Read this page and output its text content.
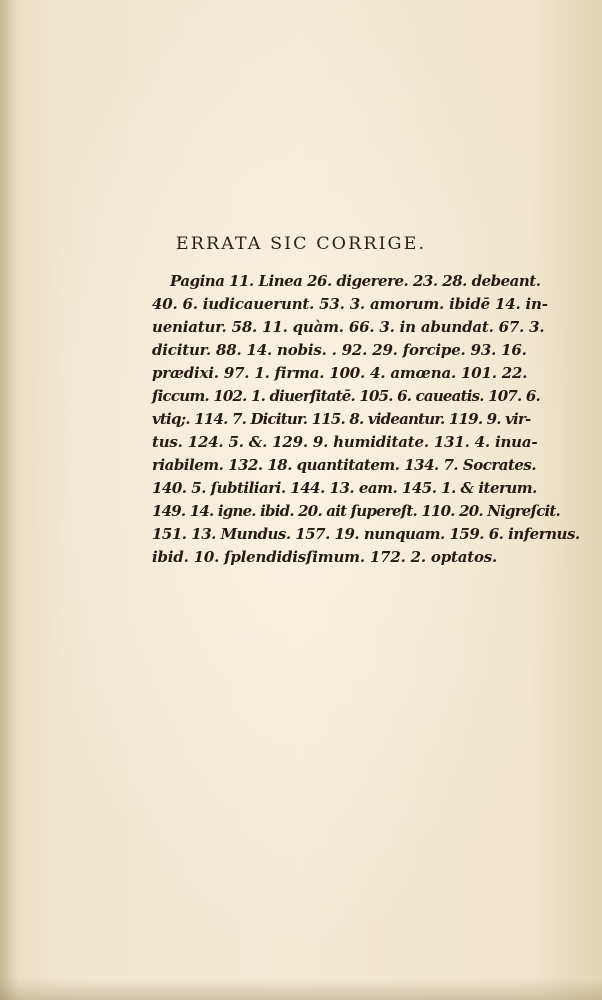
ERRATA SIC CORRIGE.
Pagina 11. Linea 26. digerere. 23. 28. debeant.
40. 6. iudicauerunt. 53. 3. amorum. ibidē 14. in-
ueniatur. 58. 11. quàm. 66. 3. in abundat. 67. 3.
dicitur. 88. 14. nobis. . 92. 29. forcipe. 93. 16.
prædixi. 97. 1. firma. 100. 4. amœna. 101. 22.
ſiccum. 102. 1. diuerſitatē. 105. 6. caueatis. 107. 6.
vtiq;. 114. 7. Dicitur. 115. 8. videantur. 119. 9. vir-
tus. 124. 5. &. 129. 9. humiditate. 131. 4. inua-
riabilem. 132. 18. quantitatem. 134. 7. Socrates.
140. 5. ſubtiliari. 144. 13. eam. 145. 1. & iterum.
149. 14. igne. ibid. 20. ait ſupereſt. 110. 20. Nigreſcit.
151. 13. Mundus. 157. 19. nunquam. 159. 6. infernus.
ibid. 10. ſplendidisſimum. 172. 2. optatos.
